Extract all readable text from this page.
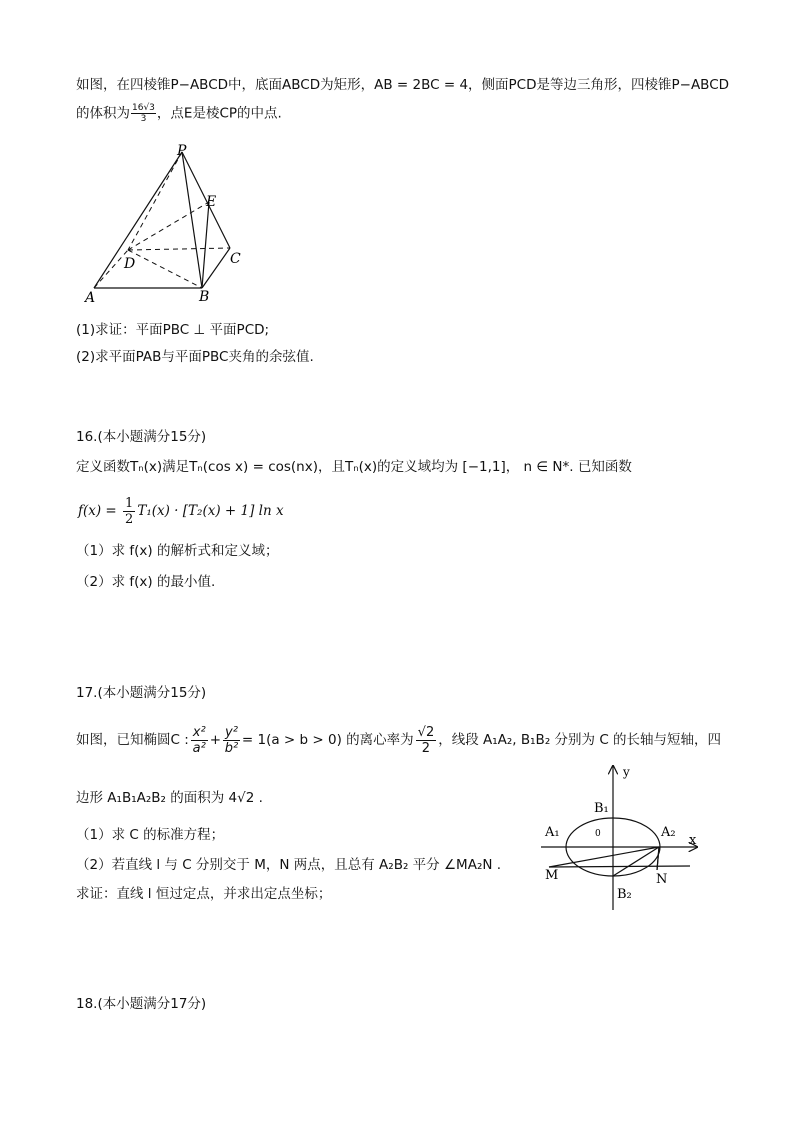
如图，在四棱锥P−ABCD中，底面ABCD为矩形，AB = 2BC = 4，侧面PCD是等边三角形，四棱锥P−ABCD
的体积为 $\frac{16√3}{3}$ ，点E是棱CP的中点.
P
E
D	C
A	B
(1)求证：平面PBC ⊥ 平面PCD;
(2)求平面PAB与平面PBC夹角的余弦值.
16.(本小题满分15分)
定义函数Tₙ(x)满足Tₙ(cos x) = cos(nx)，且Tₙ(x)的定义域均为 [−1,1]， n ∈ N*. 已知函数
$f(x) = \frac{1}{2} T_1(x) \cdot [T_2(x) + 1]$ ln x
（1）求 f(x) 的解析式和定义域；
（2）求 f(x) 的最小值.
17.(本小题满分15分)
如图，已知椭圆C : $\frac{\text{x²}}{\text{a²}} + \frac{\text{y²}}{\text{b²}} = 1(a > b > 0)$ 的离心率为 $\frac{√2}{2}$ ，线段 A₁A₂, B₁B₂ 分别为 C 的长轴与短轴，四
边形 A₁B₁A₂B₂ 的面积为 4√2 .
（1）求 C 的标准方程；
（2）若直线 l 与 C 分别交于 M，N 两点，且总有 A₂B₂ 平分 ∠MA₂N .
求证：直线 l 恒过定点，并求出定点坐标；
y
x
B₁
A₁	0	A₂
M	N
B₂
18.(本小题满分17分)
